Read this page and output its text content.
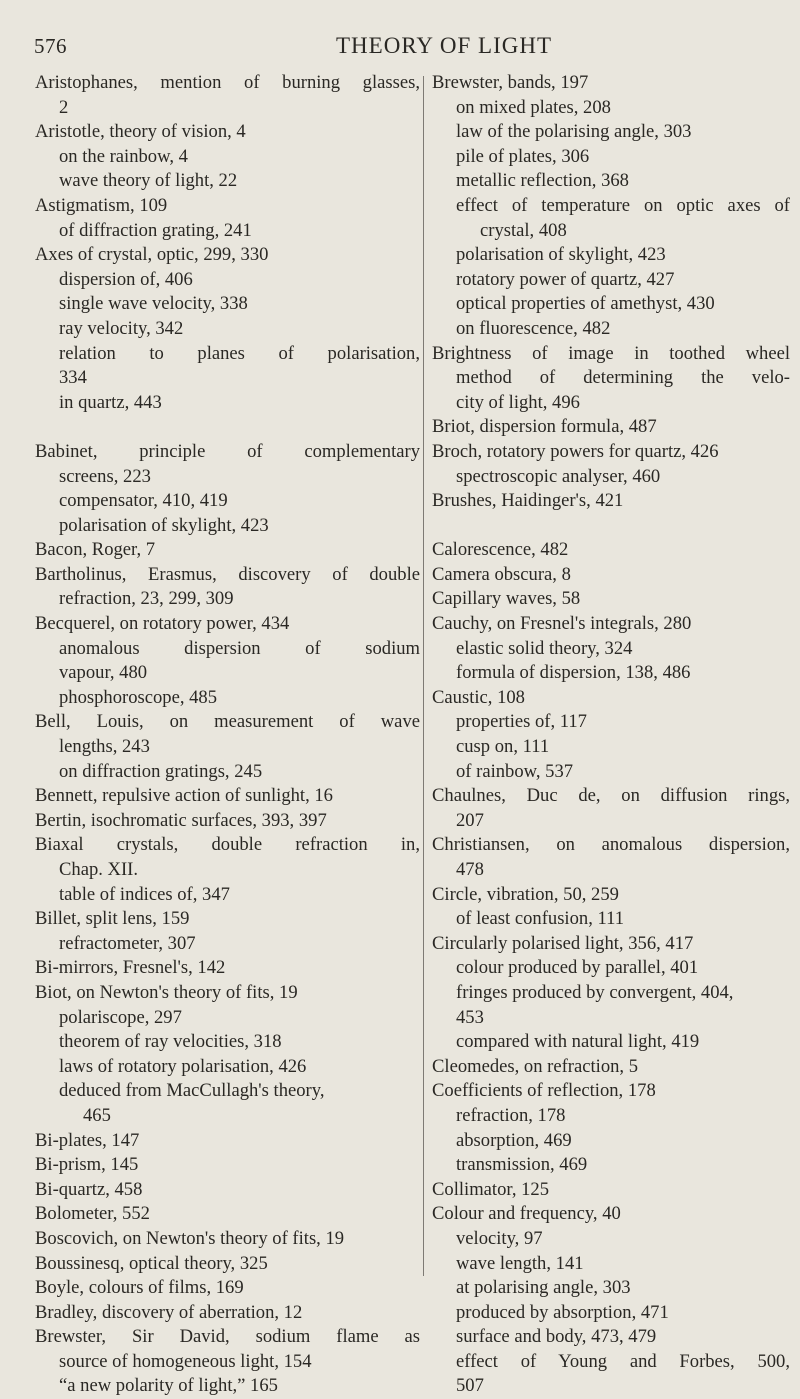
576	THEORY OF LIGHT
Aristophanes, mention of burning glasses,
2
Aristotle, theory of vision, 4
on the rainbow, 4
wave theory of light, 22
Astigmatism, 109
of diffraction grating, 241
Axes of crystal, optic, 299, 330
dispersion of, 406
single wave velocity, 338
ray velocity, 342
relation to planes of polarisation,
334
in quartz, 443
Babinet, principle of complementary
screens, 223
compensator, 410, 419
polarisation of skylight, 423
Bacon, Roger, 7
Bartholinus, Erasmus, discovery of double
refraction, 23, 299, 309
Becquerel, on rotatory power, 434
anomalous dispersion of sodium
vapour, 480
phosphoroscope, 485
Bell, Louis, on measurement of wave
lengths, 243
on diffraction gratings, 245
Bennett, repulsive action of sunlight, 16
Bertin, isochromatic surfaces, 393, 397
Biaxal crystals, double refraction in,
Chap. XII.
table of indices of, 347
Billet, split lens, 159
refractometer, 307
Bi-mirrors, Fresnel's, 142
Biot, on Newton's theory of fits, 19
polariscope, 297
theorem of ray velocities, 318
laws of rotatory polarisation, 426
deduced from MacCullagh's theory,
465
Bi-plates, 147
Bi-prism, 145
Bi-quartz, 458
Bolometer, 552
Boscovich, on Newton's theory of fits, 19
Boussinesq, optical theory, 325
Boyle, colours of films, 169
Bradley, discovery of aberration, 12
Brewster, Sir David, sodium flame as
source of homogeneous light, 154
“a new polarity of light,” 165
Brewster, bands, 197
on mixed plates, 208
law of the polarising angle, 303
pile of plates, 306
metallic reflection, 368
effect of temperature on optic axes of
crystal, 408
polarisation of skylight, 423
rotatory power of quartz, 427
optical properties of amethyst, 430
on fluorescence, 482
Brightness of image in toothed wheel
method of determining the velo-
city of light, 496
Briot, dispersion formula, 487
Broch, rotatory powers for quartz, 426
spectroscopic analyser, 460
Brushes, Haidinger's, 421
Calorescence, 482
Camera obscura, 8
Capillary waves, 58
Cauchy, on Fresnel's integrals, 280
elastic solid theory, 324
formula of dispersion, 138, 486
Caustic, 108
properties of, 117
cusp on, 111
of rainbow, 537
Chaulnes, Duc de, on diffusion rings,
207
Christiansen, on anomalous dispersion,
478
Circle, vibration, 50, 259
of least confusion, 111
Circularly polarised light, 356, 417
colour produced by parallel, 401
fringes produced by convergent, 404,
453
compared with natural light, 419
Cleomedes, on refraction, 5
Coefficients of reflection, 178
refraction, 178
absorption, 469
transmission, 469
Collimator, 125
Colour and frequency, 40
velocity, 97
wave length, 141
at polarising angle, 303
produced by absorption, 471
surface and body, 473, 479
effect of Young and Forbes, 500,
507
